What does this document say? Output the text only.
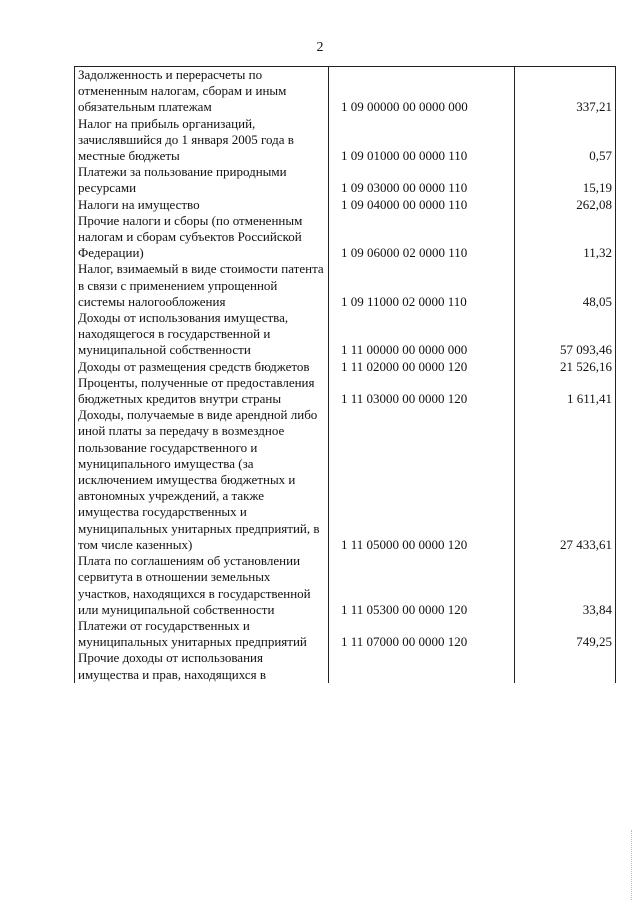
2
Задолженность и перерасчеты по отмененным налогам, сборам и иным обязательным платежам	1 09 00000 00 0000 000	337,21
Налог на прибыль организаций, зачислявшийся до 1 января 2005 года в местные бюджеты	1 09 01000 00 0000 110	0,57
Платежи за пользование природными ресурсами	1 09 03000 00 0000 110	15,19
Налоги на имущество	1 09 04000 00 0000 110	262,08
Прочие налоги и сборы (по отмененным налогам и сборам субъектов Российской Федерации)	1 09 06000 02 0000 110	11,32
Налог, взимаемый в виде стоимости патента в связи с применением упрощенной системы налогообложения	1 09 11000 02 0000 110	48,05
Доходы от использования имущества, находящегося в государственной и муниципальной собственности	1 11 00000 00 0000 000	57 093,46
Доходы от размещения средств бюджетов	1 11 02000 00 0000 120	21 526,16
Проценты, полученные от предоставления бюджетных кредитов внутри страны	1 11 03000 00 0000 120	1 611,41
Доходы, получаемые в виде арендной либо иной платы за передачу в возмездное пользование государственного и муниципального имущества (за исключением имущества бюджетных и автономных учреждений, а также имущества государственных и муниципальных унитарных предприятий, в том числе казенных)	1 11 05000 00 0000 120	27 433,61
Плата по соглашениям об установлении сервитута в отношении земельных участков, находящихся в государственной или муниципальной собственности	1 11 05300 00 0000 120	33,84
Платежи от государственных и муниципальных унитарных предприятий	1 11 07000 00 0000 120	749,25
Прочие доходы от использования имущества и прав, находящихся в		
